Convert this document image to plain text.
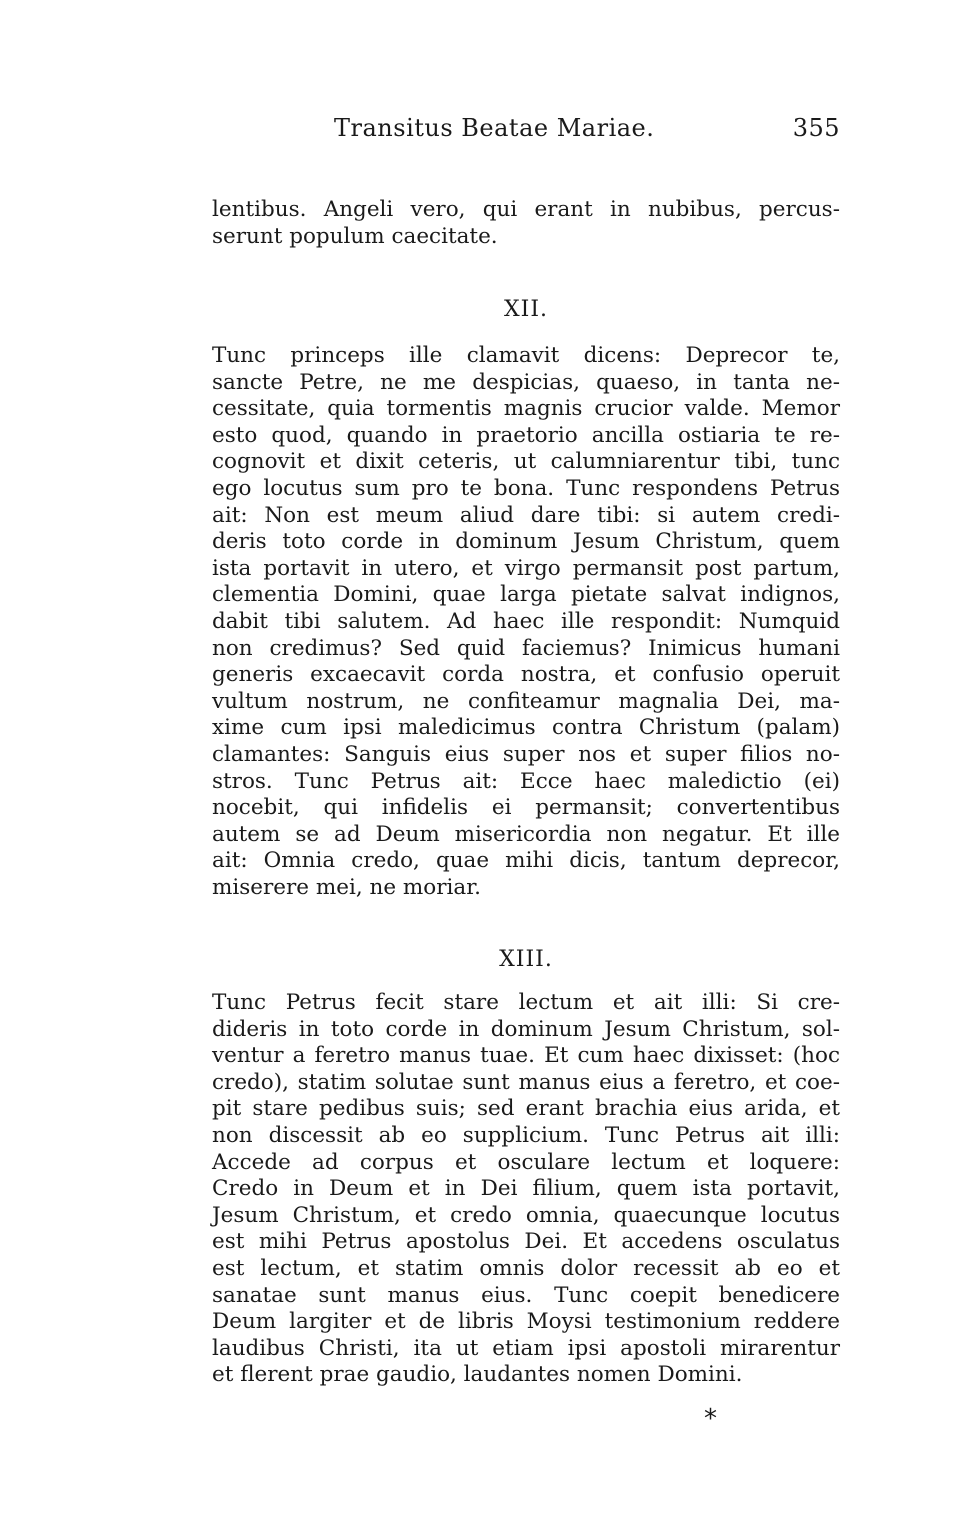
Transitus Beatae Mariae.	355
lentibus. Angeli vero, qui erant in nubibus, percus-
serunt populum caecitate.
XII.
Tunc princeps ille clamavit dicens: Deprecor te,
sancte Petre, ne me despicias, quaeso, in tanta ne-
cessitate, quia tormentis magnis crucior valde. Memor
esto quod, quando in praetorio ancilla ostiaria te re-
cognovit et dixit ceteris, ut calumniarentur tibi, tunc
ego locutus sum pro te bona. Tunc respondens Petrus
ait: Non est meum aliud dare tibi: si autem credi-
deris toto corde in dominum Jesum Christum, quem
ista portavit in utero, et virgo permansit post partum,
clementia Domini, quae larga pietate salvat indignos,
dabit tibi salutem. Ad haec ille respondit: Numquid
non credimus? Sed quid faciemus? Inimicus humani
generis excaecavit corda nostra, et confusio operuit
vultum nostrum, ne confiteamur magnalia Dei, ma-
xime cum ipsi maledicimus contra Christum (palam)
clamantes: Sanguis eius super nos et super filios no-
stros. Tunc Petrus ait: Ecce haec maledictio (ei)
nocebit, qui infidelis ei permansit; convertentibus
autem se ad Deum misericordia non negatur. Et ille
ait: Omnia credo, quae mihi dicis, tantum deprecor,
miserere mei, ne moriar.
XIII.
Tunc Petrus fecit stare lectum et ait illi: Si cre-
dideris in toto corde in dominum Jesum Christum, sol-
ventur a feretro manus tuae. Et cum haec dixisset: (hoc
credo), statim solutae sunt manus eius a feretro, et coe-
pit stare pedibus suis; sed erant brachia eius arida, et
non discessit ab eo supplicium. Tunc Petrus ait illi:
Accede ad corpus et osculare lectum et loquere:
Credo in Deum et in Dei filium, quem ista portavit,
Jesum Christum, et credo omnia, quaecunque locutus
est mihi Petrus apostolus Dei. Et accedens osculatus
est lectum, et statim omnis dolor recessit ab eo et
sanatae sunt manus eius. Tunc coepit benedicere
Deum largiter et de libris Moysi testimonium reddere
laudibus Christi, ita ut etiam ipsi apostoli mirarentur
et flerent prae gaudio, laudantes nomen Domini.
*
